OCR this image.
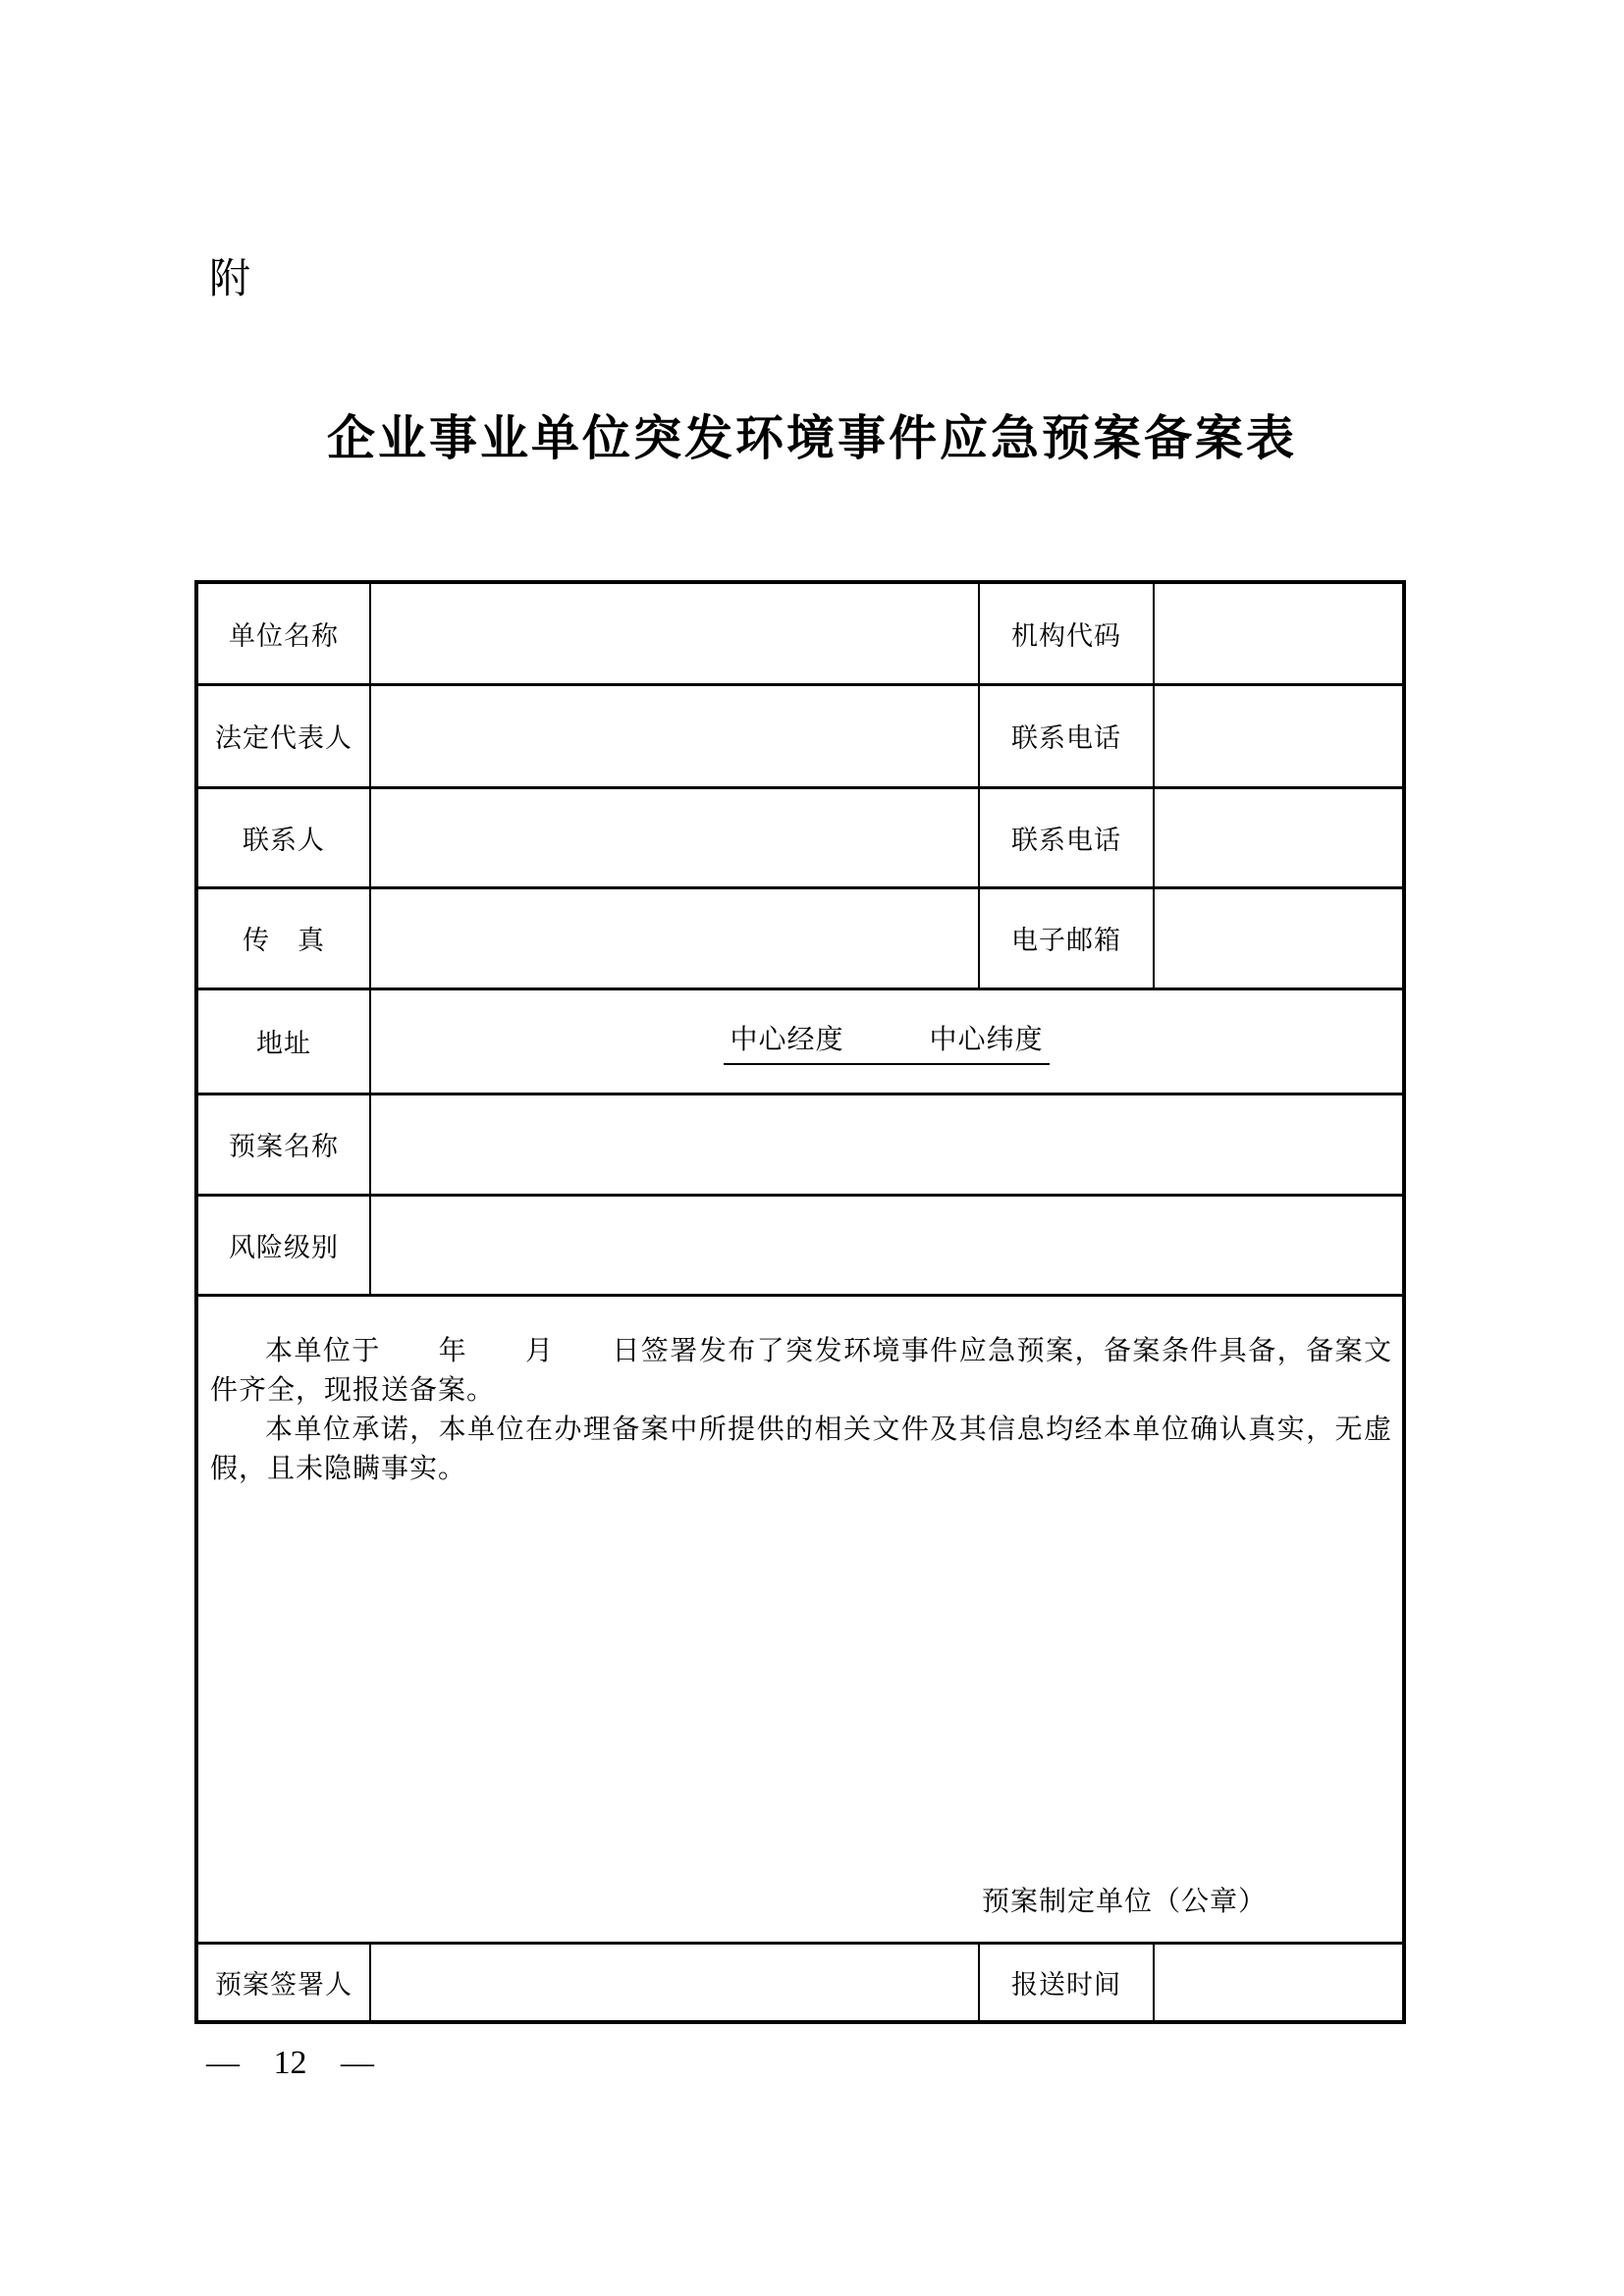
附
企业事业单位突发环境事件应急预案备案表
单位名称		机构代码	
法定代表人		联系电话	
联系人		联系电话	
传　真		电子邮箱	
地址	中心经度　　　中心纬度		
预案名称			
风险级别			

本单位于　　年　　月　　日签署发布了突发环境事件应急预案，备案条件具备，备案文件齐全，现报送备案。

本单位承诺，本单位在办理备案中所提供的相关文件及其信息均经本单位确认真实，无虚假，且未隐瞒事实。

预案制定单位（公章）			

预案签署人		报送时间	
— 12 —
